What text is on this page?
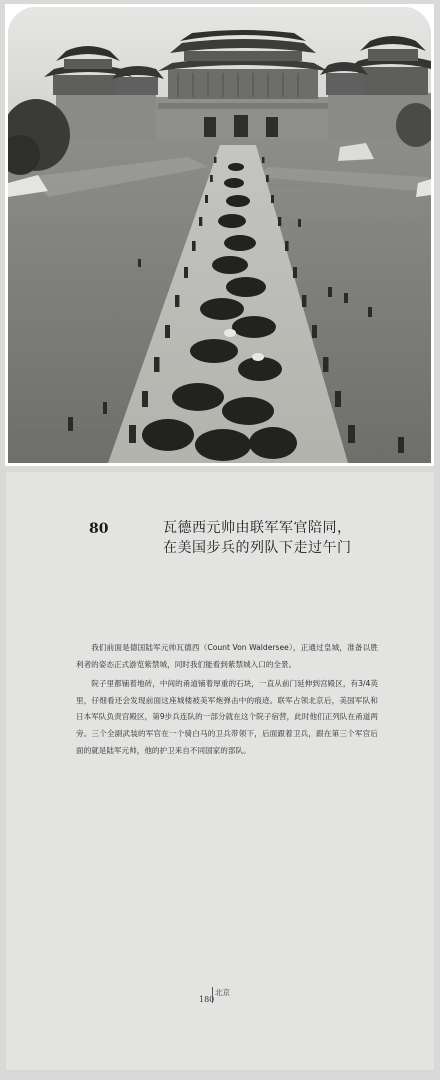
80	瓦德西元帅由联军军官陪同，
在美国步兵的列队下走过午门

我们前面是德国陆军元帅瓦德西（Count Von Waldersee），正通过皇城，准备以胜利者的姿态正式游览紫禁城，同时我们能看到紫禁城入口的全景。

院子里都铺着地砖，中间的甬道铺着厚重的石块，一直从前门延伸到宫殿区，有3/4英里，仔细看还会发现前面这座城楼被美军炮弹击中的痕迹。联军占领北京后，美国军队和日本军队负责宫殿区，第9步兵连队的一部分就在这个院子宿营，此时他们正列队在甬道两旁。三个全副武装的军官在一个骑白马的卫兵带领下，后面跟着卫兵，跟在第三个军官后面的就是陆军元帅，他的护卫来自不同国家的部队。

180
北京
